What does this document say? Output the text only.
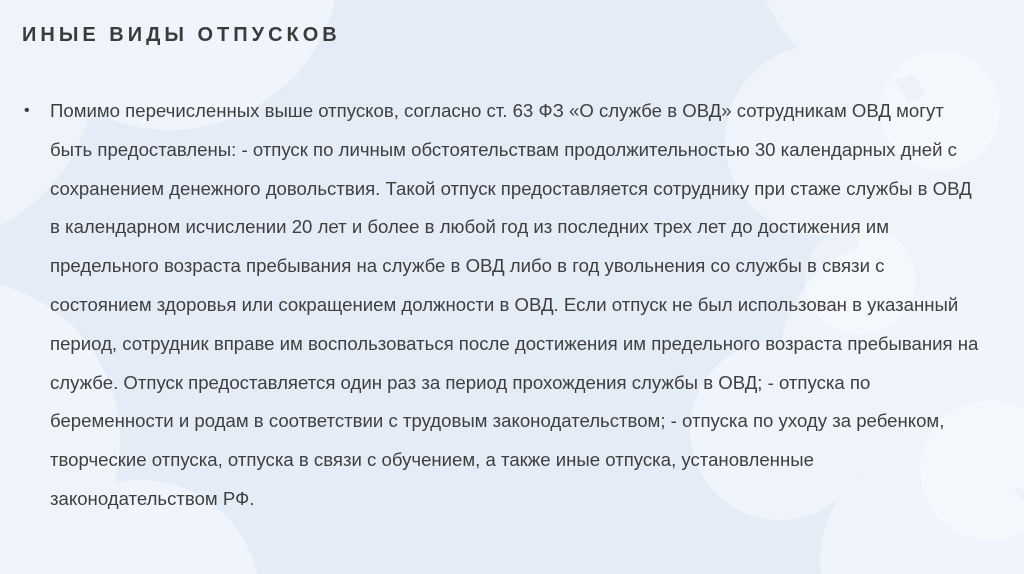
ИНЫЕ ВИДЫ ОТПУСКОВ
•	Помимо перечисленных выше отпусков, согласно ст. 63 ФЗ «О службе в ОВД» сотрудникам ОВД могут быть предоставлены: - отпуск по личным обстоятельствам продолжительностью 30 календарных дней с сохранением денежного довольствия. Такой отпуск предоставляется сотруднику при стаже службы в ОВД в календарном исчислении 20 лет и более в любой год из последних трех лет до достижения им предельного возраста пребывания на службе в ОВД либо в год увольнения со службы в связи с состоянием здоровья или сокращением должности в ОВД. Если отпуск не был использован в указанный период, сотрудник вправе им воспользоваться после достижения им предельного возраста пребывания на службе. Отпуск предоставляется один раз за период прохождения службы в ОВД; - отпуска по беременности и родам в соответствии с трудовым законодательством; - отпуска по уходу за ребенком, творческие отпуска, отпуска в связи с обучением, а также иные отпуска, установленные законодательством РФ.
